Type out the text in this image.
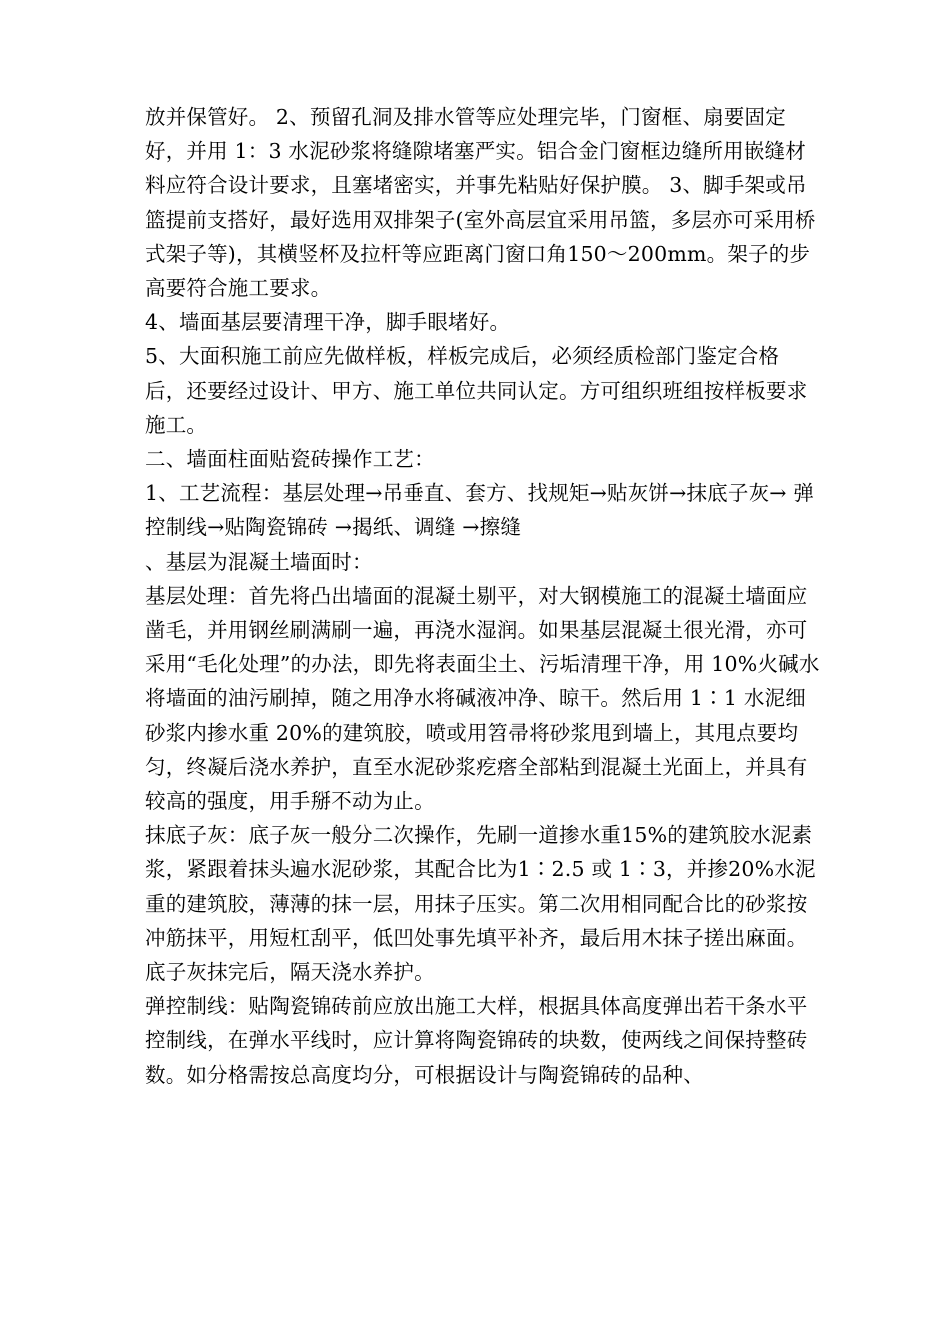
放并保管好。 2、预留孔洞及排水管等应处理完毕，门窗框、扇要固定好，并用 1：3 水泥砂浆将缝隙堵塞严实。铝合金门窗框边缝所用嵌缝材料应符合设计要求，且塞堵密实，并事先粘贴好保护膜。 3、脚手架或吊篮提前支搭好，最好选用双排架子(室外高层宜采用吊篮，多层亦可采用桥式架子等)，其横竖杯及拉杆等应距离门窗口角150～200mm。架子的步高要符合施工要求。

4、墙面基层要清理干净，脚手眼堵好。

5、大面积施工前应先做样板，样板完成后，必须经质检部门鉴定合格后，还要经过设计、甲方、施工单位共同认定。方可组织班组按样板要求施工。

二、墙面柱面贴瓷砖操作工艺：

1、工艺流程：基层处理→吊垂直、套方、找规矩→贴灰饼→抹底子灰→ 弹控制线→贴陶瓷锦砖 →揭纸、调缝 →擦缝

、基层为混凝土墙面时：

基层处理：首先将凸出墙面的混凝土剔平，对大钢模施工的混凝土墙面应凿毛，并用钢丝刷满刷一遍，再浇水湿润。如果基层混凝土很光滑，亦可采用“毛化处理”的办法，即先将表面尘土、污垢清理干净，用 10%火碱水将墙面的油污刷掉，随之用净水将碱液冲净、晾干。然后用 1∶1 水泥细砂浆内掺水重 20%的建筑胶，喷或用笤帚将砂浆甩到墙上，其甩点要均匀，终凝后浇水养护，直至水泥砂浆疙瘩全部粘到混凝土光面上，并具有较高的强度，用手掰不动为止。

抹底子灰：底子灰一般分二次操作，先刷一道掺水重15%的建筑胶水泥素浆，紧跟着抹头遍水泥砂浆，其配合比为1∶2.5 或 1∶3，并掺20%水泥重的建筑胶，薄薄的抹一层，用抹子压实。第二次用相同配合比的砂浆按冲筋抹平，用短杠刮平，低凹处事先填平补齐，最后用木抹子搓出麻面。底子灰抹完后，隔天浇水养护。

弹控制线：贴陶瓷锦砖前应放出施工大样，根据具体高度弹出若干条水平控制线，在弹水平线时，应计算将陶瓷锦砖的块数，使两线之间保持整砖数。如分格需按总高度均分，可根据设计与陶瓷锦砖的品种、
